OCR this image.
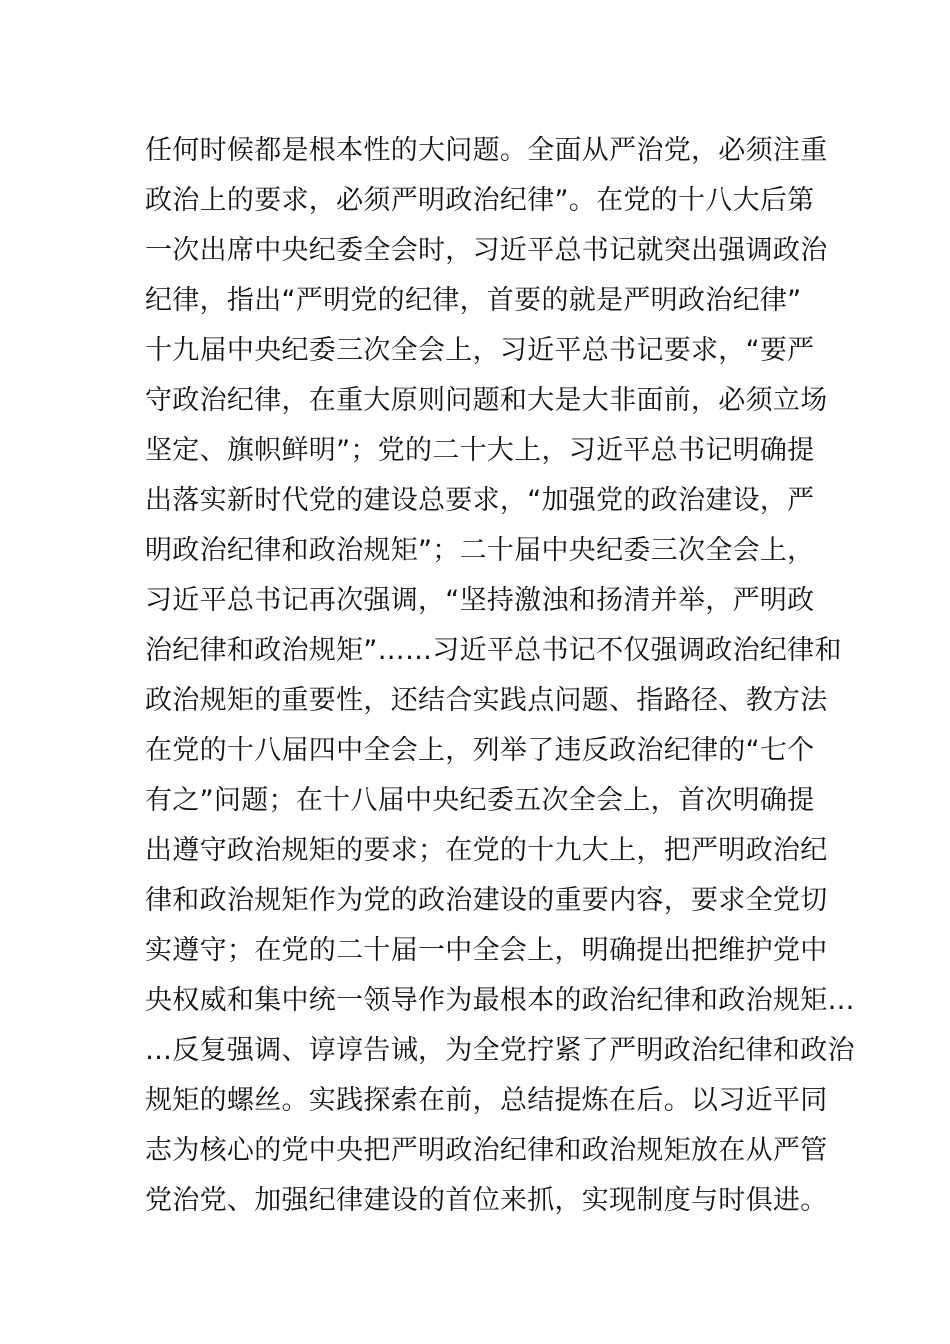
任何时候都是根本性的大问题。全面从严治党，必须注重
政治上的要求，必须严明政治纪律”。在党的十八大后第
一次出席中央纪委全会时，习近平总书记就突出强调政治
纪律，指出“严明党的纪律，首要的就是严明政治纪律”
十九届中央纪委三次全会上，习近平总书记要求，“要严
守政治纪律，在重大原则问题和大是大非面前，必须立场
坚定、旗帜鲜明”；党的二十大上，习近平总书记明确提
出落实新时代党的建设总要求，“加强党的政治建设，严
明政治纪律和政治规矩”；二十届中央纪委三次全会上，
习近平总书记再次强调，“坚持激浊和扬清并举，严明政
治纪律和政治规矩”……习近平总书记不仅强调政治纪律和
政治规矩的重要性，还结合实践点问题、指路径、教方法
在党的十八届四中全会上，列举了违反政治纪律的“七个
有之”问题；在十八届中央纪委五次全会上，首次明确提
出遵守政治规矩的要求；在党的十九大上，把严明政治纪
律和政治规矩作为党的政治建设的重要内容，要求全党切
实遵守；在党的二十届一中全会上，明确提出把维护党中
央权威和集中统一领导作为最根本的政治纪律和政治规矩…
…反复强调、谆谆告诫，为全党拧紧了严明政治纪律和政治
规矩的螺丝。实践探索在前，总结提炼在后。以习近平同
志为核心的党中央把严明政治纪律和政治规矩放在从严管
党治党、加强纪律建设的首位来抓，实现制度与时俱进。
